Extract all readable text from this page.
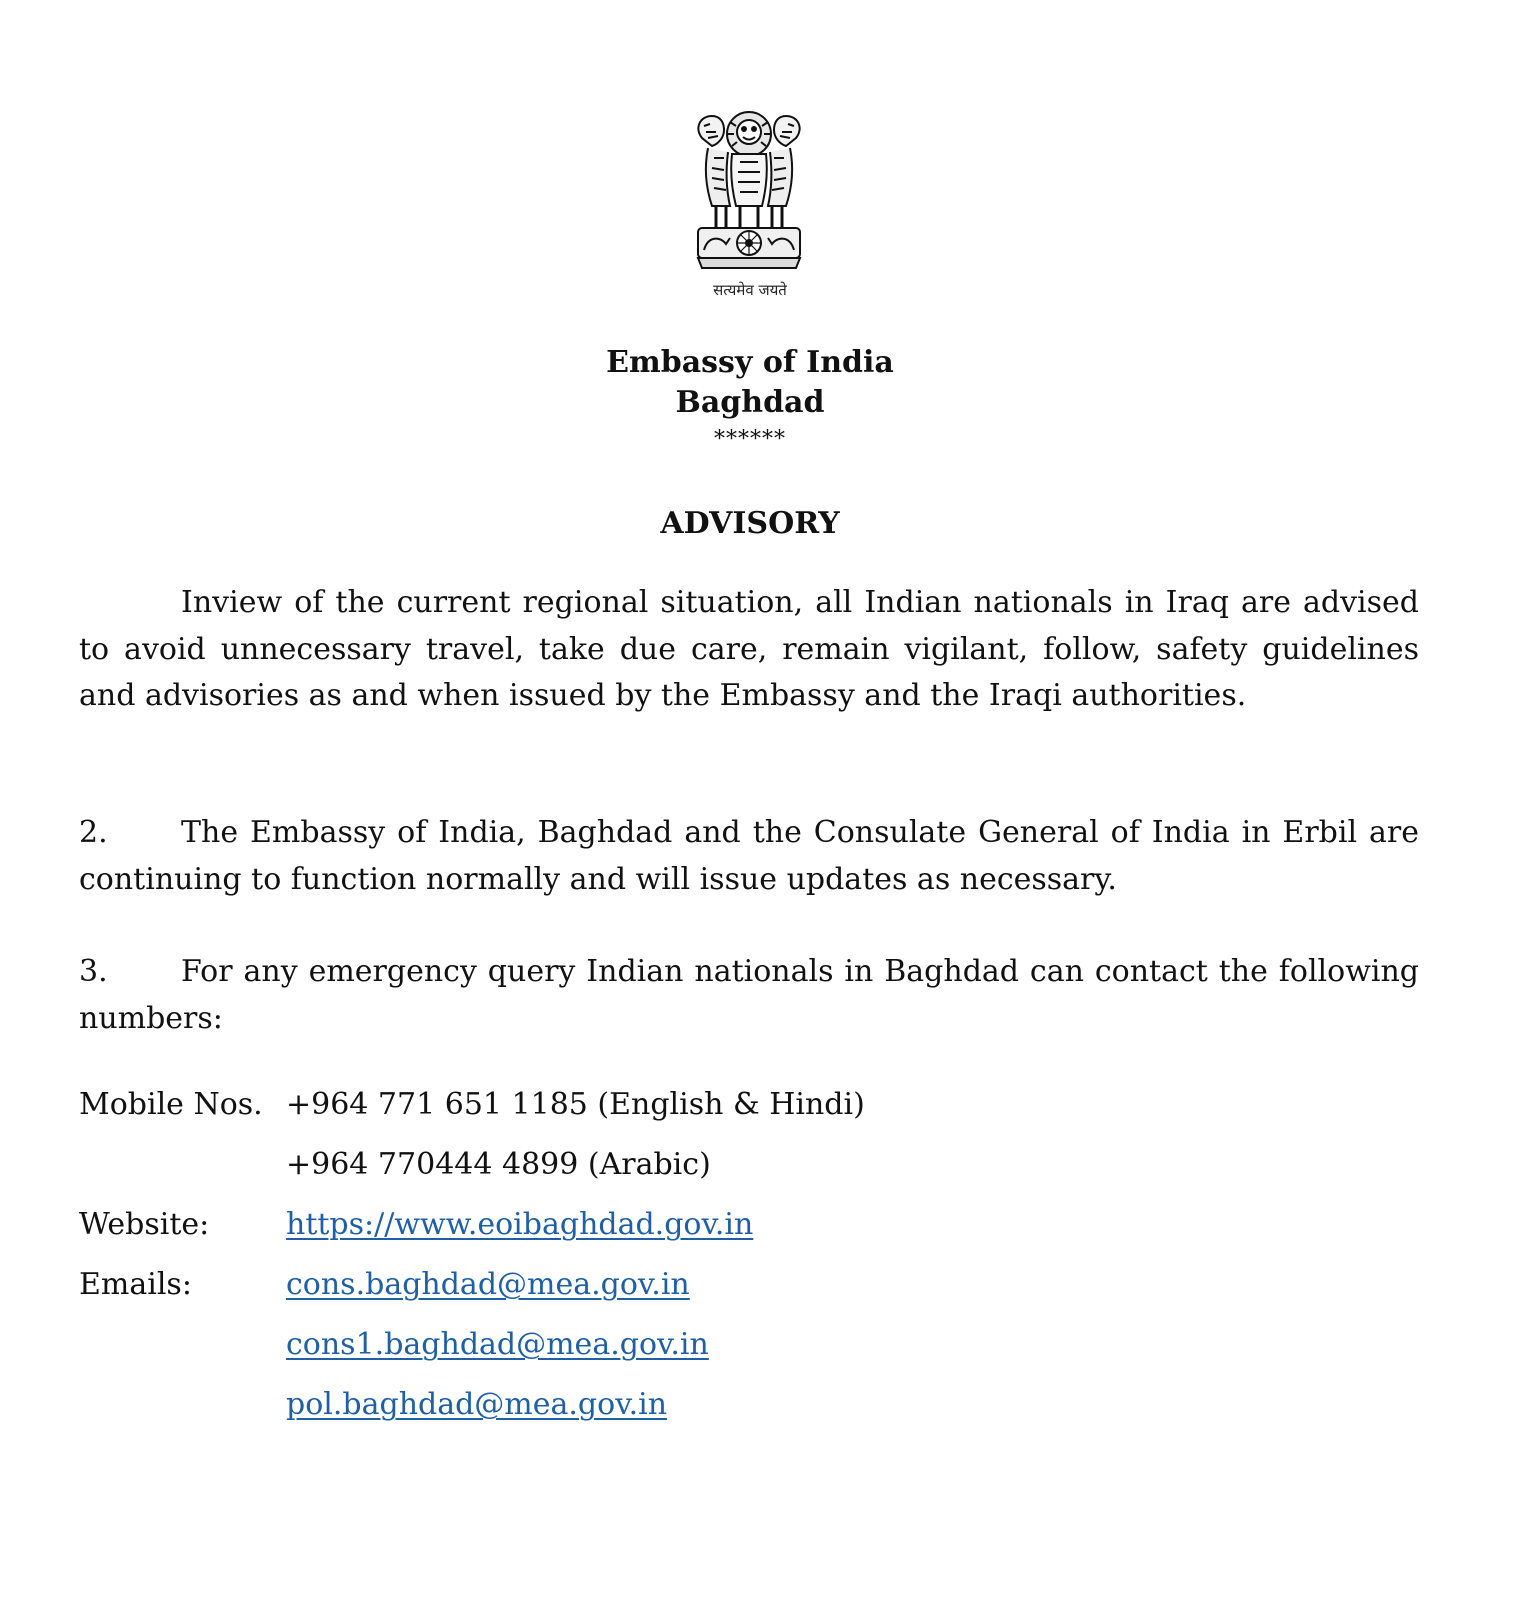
सत्यमेव जयते
Embassy of India
Baghdad
******
ADVISORY

Inview of the current regional situation, all Indian nationals in Iraq are advised to avoid unnecessary travel, take due care, remain vigilant, follow, safety guidelines and advisories as and when issued by the Embassy and the Iraqi authorities.

2. The Embassy of India, Baghdad and the Consulate General of India in Erbil are continuing to function normally and will issue updates as necessary.

3. For any emergency query Indian nationals in Baghdad can contact the following numbers:

Mobile Nos. +964 771 651 1185 (English & Hindi)
+964 770444 4899 (Arabic)
Website:	https://www.eoibaghdad.gov.in
Emails:	cons.baghdad@mea.gov.in
cons1.baghdad@mea.gov.in
pol.baghdad@mea.gov.in
